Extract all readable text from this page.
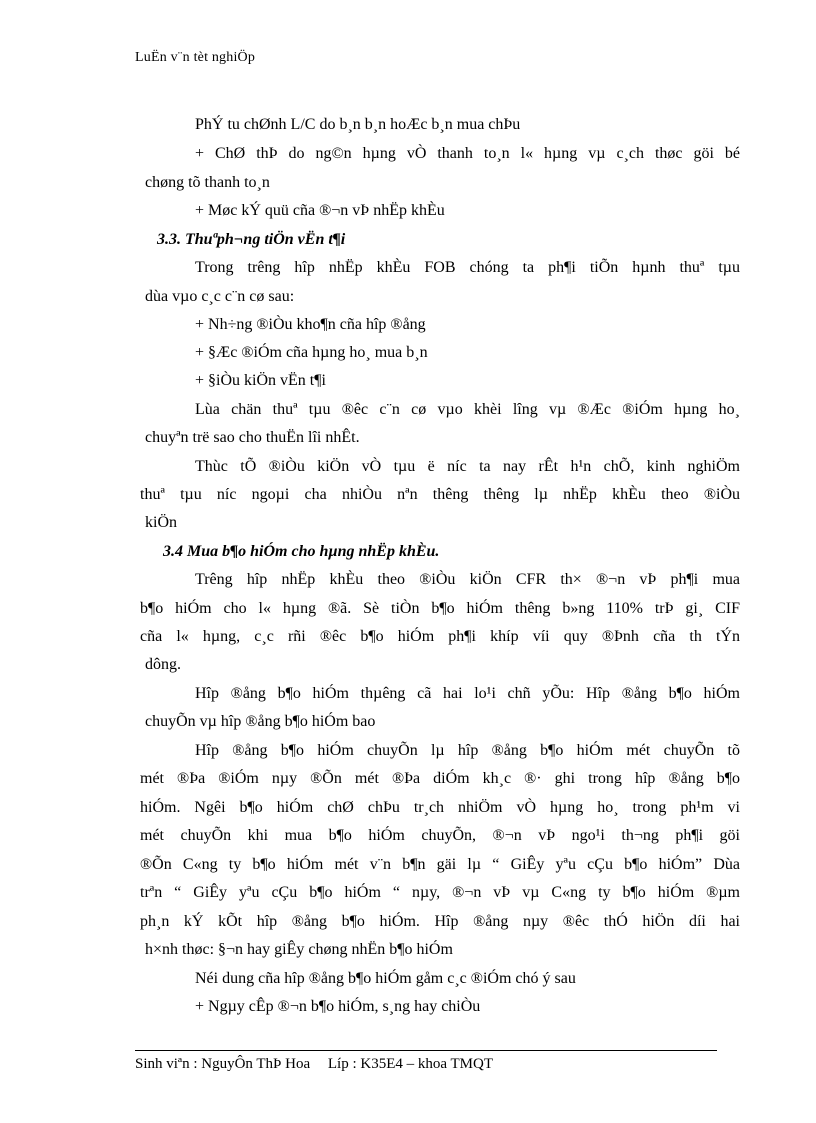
LuËn v¨n tèt nghiÖp
PhÝ tu chØnh L/C do b¸n b¸n hoÆc b¸n mua chÞu
+ ChØ thÞ do ng©n hµng vÒ thanh to¸n l« hµng vµ c¸ch thøc göi bé
chøng tõ thanh to¸n
+ Møc kÝ quü cña ®¬n vÞ nhËp khÈu
3.3. Thuªph¬ng tiÖn vËn t¶i
Trong trêng hîp nhËp khÈu FOB chóng ta ph¶i tiÕn hµnh thuª tµu
dùa vµo c¸c c¨n cø sau:
+ Nh÷ng ®iÒu kho¶n cña hîp ®ång
+ §Æc ®iÓm cña hµng ho¸ mua b¸n
+ §iÒu kiÖn vËn t¶i
Lùa chän thuª tµu ®êc c¨n cø vµo khèi lîng vµ ®Æc ®iÓm hµng ho¸
chuyªn trë sao cho thuËn lîi nhÊt.
Thùc tÕ ®iÒu kiÖn vÒ tµu ë níc ta nay rÊt h¹n chÕ, kinh nghiÖm
thuª tµu níc ngoµi cha nhiÒu nªn thêng thêng lµ nhËp khÈu theo ®iÒu
kiÖn
3.4 Mua b¶o hiÓm cho hµng nhËp khÈu.
Trêng hîp nhËp khÈu theo ®iÒu kiÖn CFR th× ®¬n vÞ ph¶i mua
b¶o hiÓm cho l« hµng ®ã. Sè tiÒn b¶o hiÓm thêng b»ng 110% trÞ gi¸ CIF
cña l« hµng, c¸c rñi ®êc b¶o hiÓm ph¶i khíp víi quy ®Þnh cña th tÝn
dông.
Hîp ®ång b¶o hiÓm thµêng cã hai lo¹i chñ yÕu: Hîp ®ång b¶o hiÓm
chuyÕn vµ hîp ®ång b¶o hiÓm bao
Hîp ®ång b¶o hiÓm chuyÕn lµ hîp ®ång b¶o hiÓm mét chuyÕn tõ
mét ®Þa ®iÓm nµy ®Õn mét ®Þa diÓm kh¸c ®· ghi trong hîp ®ång b¶o
hiÓm. Ngêi b¶o hiÓm chØ chÞu tr¸ch nhiÖm vÒ hµng ho¸ trong ph¹m vi
mét chuyÕn khi mua b¶o hiÓm chuyÕn, ®¬n vÞ ngo¹i th¬ng ph¶i göi
®Õn C«ng ty b¶o hiÓm mét v¨n b¶n gäi lµ “ GiÊy yªu cÇu b¶o hiÓm” Dùa
trªn “ GiÊy yªu cÇu b¶o hiÓm “ nµy, ®¬n vÞ vµ C«ng ty b¶o hiÓm ®µm
ph¸n kÝ kÕt hîp ®ång b¶o hiÓm. Hîp ®ång nµy ®êc thÓ hiÖn díi hai
h×nh thøc: §¬n hay giÊy chøng nhËn b¶o hiÓm
Néi dung cña hîp ®ång b¶o hiÓm gåm c¸c ®iÓm chó ý sau
+ Ngµy cÊp ®¬n b¶o hiÓm, s¸ng hay chiÒu
Sinh viªn : NguyÔn ThÞ Hoa Líp : K35E4 – khoa TMQT
